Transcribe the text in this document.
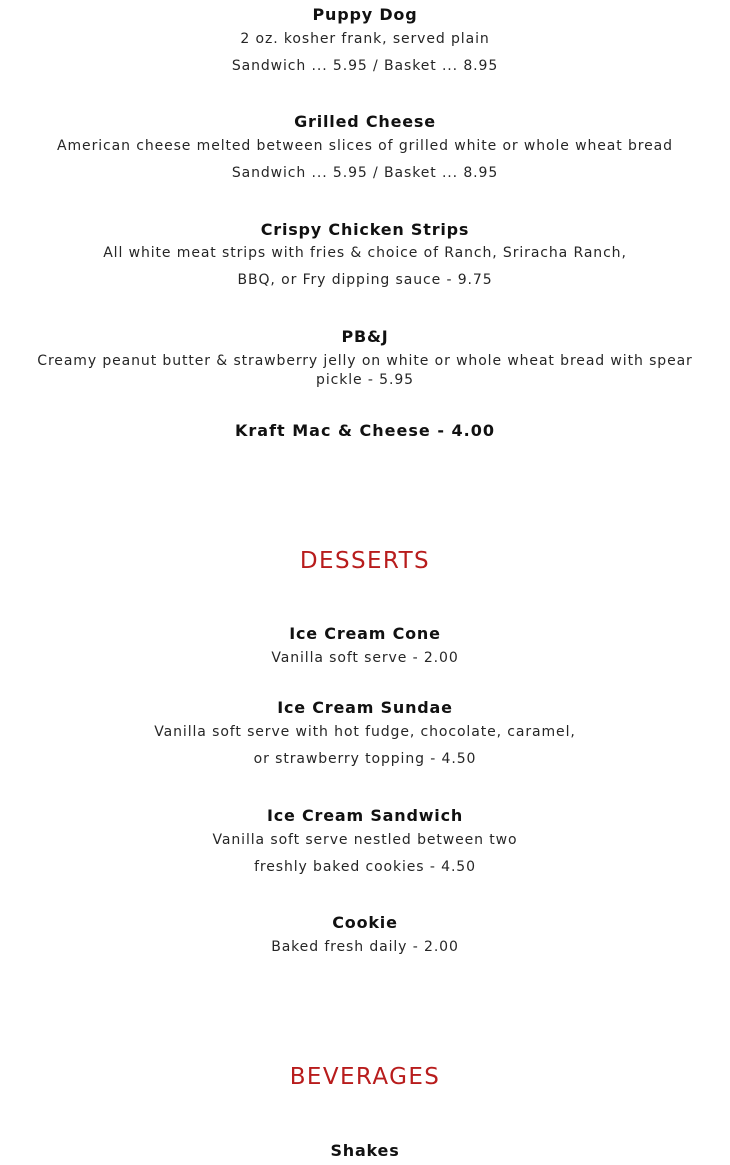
Puppy Dog
2 oz. kosher frank, served plain
Sandwich ... 5.95 / Basket ... 8.95
Grilled Cheese
American cheese melted between slices of grilled white or whole wheat bread
Sandwich ... 5.95 / Basket ... 8.95
Crispy Chicken Strips
All white meat strips with fries & choice of Ranch, Sriracha Ranch,
BBQ, or Fry dipping sauce - 9.75
PB&J
Creamy peanut butter & strawberry jelly on white or whole wheat bread with spear pickle - 5.95
Kraft Mac & Cheese - 4.00
DESSERTS
Ice Cream Cone
Vanilla soft serve - 2.00
Ice Cream Sundae
Vanilla soft serve with hot fudge, chocolate, caramel,
or strawberry topping - 4.50
Ice Cream Sandwich
Vanilla soft serve nestled between two
freshly baked cookies - 4.50
Cookie
Baked fresh daily - 2.00
BEVERAGES
Shakes
